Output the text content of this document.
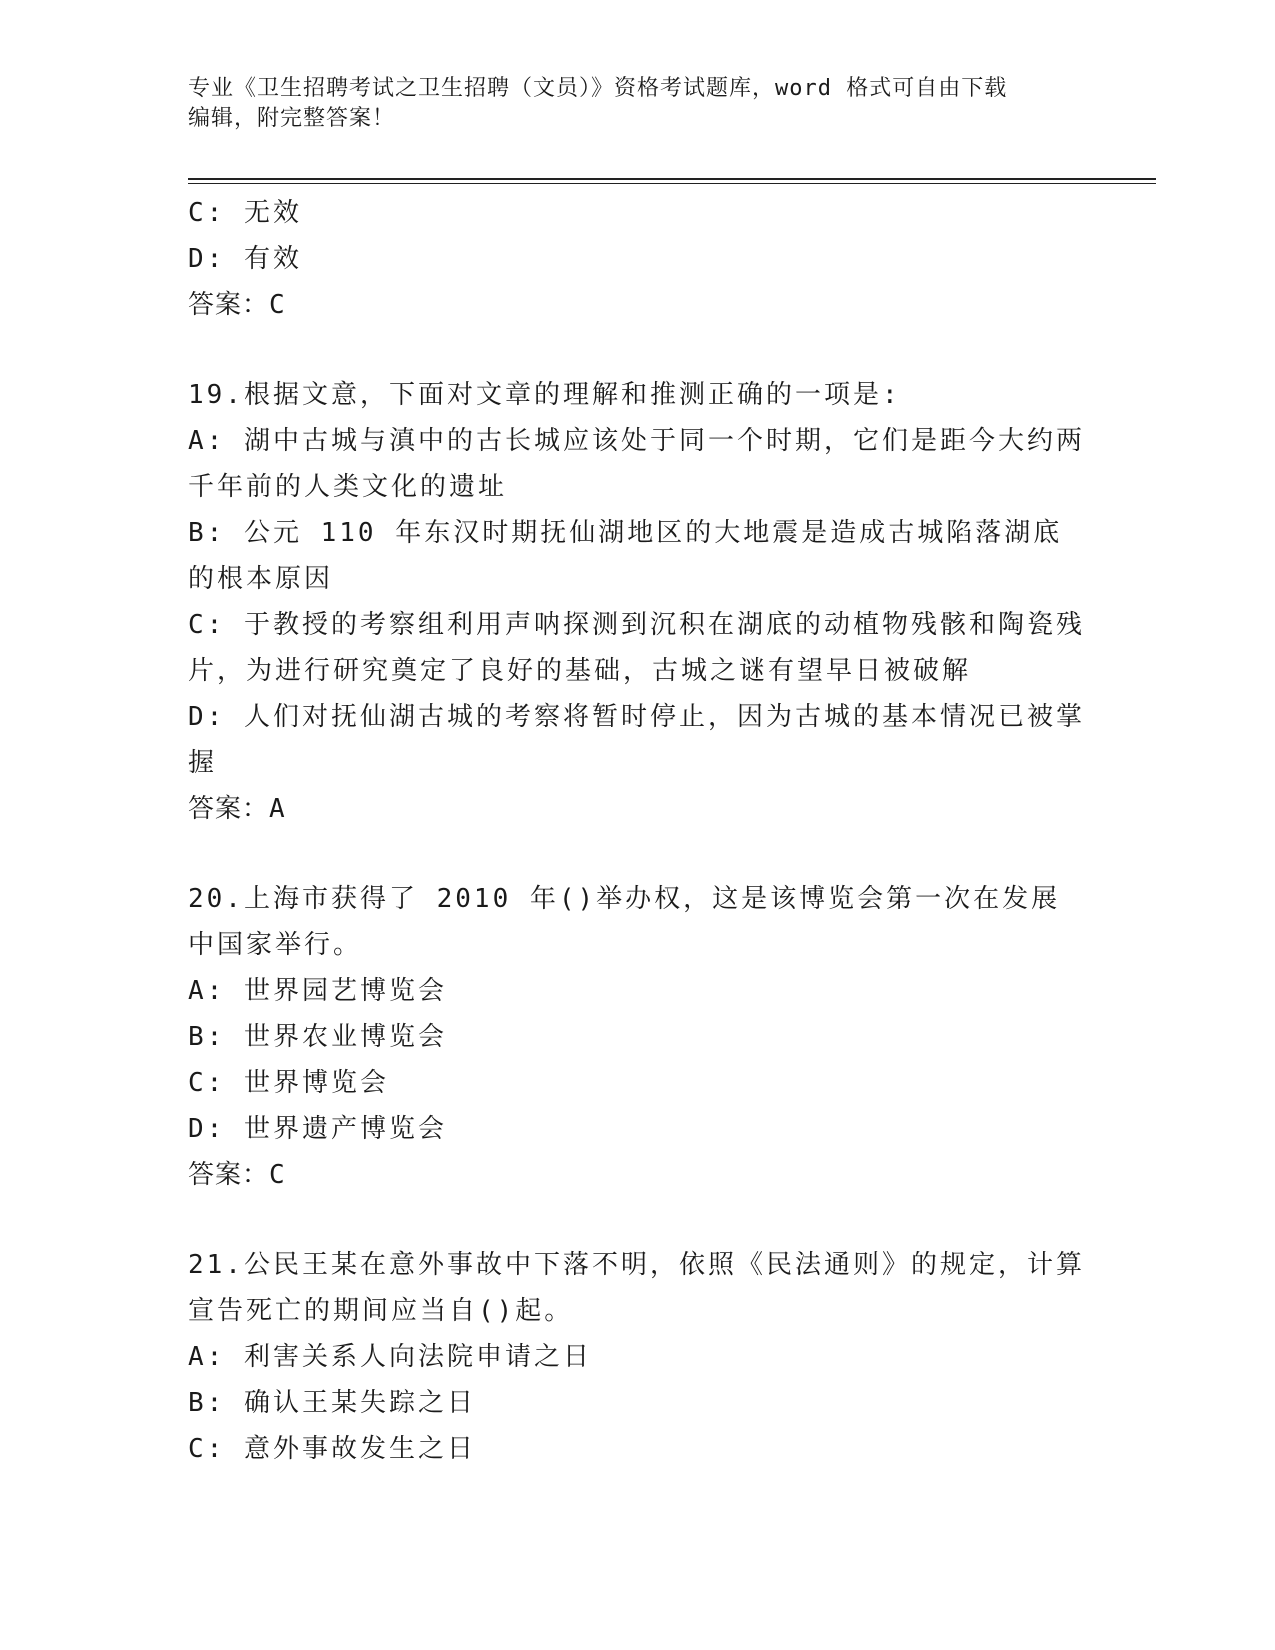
专业《卫生招聘考试之卫生招聘（文员）》资格考试题库，word 格式可自由下载
编辑，附完整答案！
C: 无效
D: 有效
答案：C
19.根据文意，下面对文章的理解和推测正确的一项是:
A: 湖中古城与滇中的古长城应该处于同一个时期，它们是距今大约两千年前的人类文化的遗址
B: 公元 110 年东汉时期抚仙湖地区的大地震是造成古城陷落湖底的根本原因
C: 于教授的考察组利用声呐探测到沉积在湖底的动植物残骸和陶瓷残片，为进行研究奠定了良好的基础，古城之谜有望早日被破解
D: 人们对抚仙湖古城的考察将暂时停止，因为古城的基本情况已被掌握
答案：A
20.上海市获得了 2010 年()举办权，这是该博览会第一次在发展中国家举行。
A: 世界园艺博览会
B: 世界农业博览会
C: 世界博览会
D: 世界遗产博览会
答案：C
21.公民王某在意外事故中下落不明，依照《民法通则》的规定，计算宣告死亡的期间应当自()起。
A: 利害关系人向法院申请之日
B: 确认王某失踪之日
C: 意外事故发生之日
